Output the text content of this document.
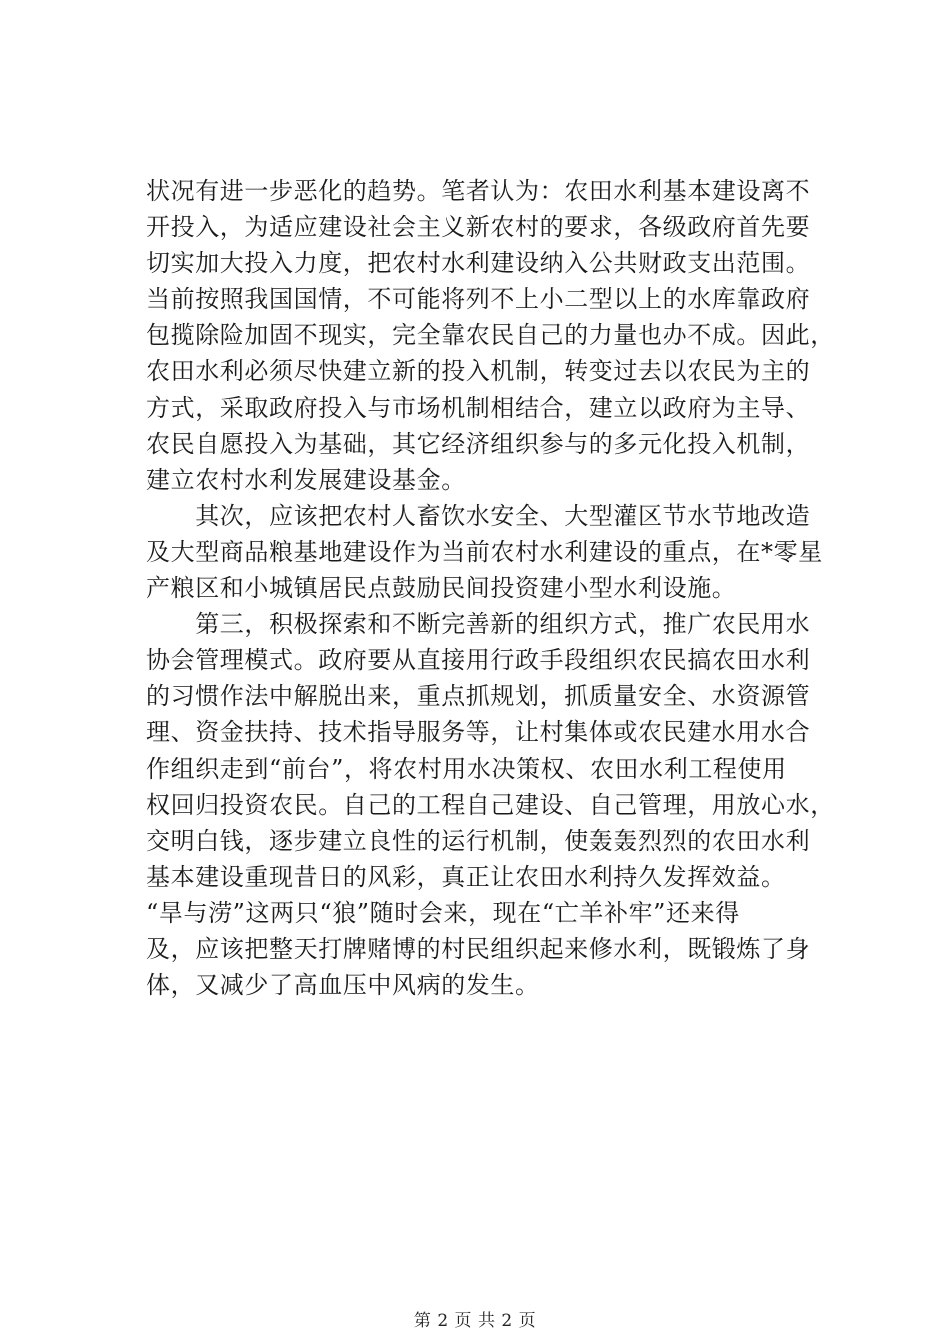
状况有进一步恶化的趋势。笔者认为：农田水利基本建设离不
开投入，为适应建设社会主义新农村的要求，各级政府首先要
切实加大投入力度，把农村水利建设纳入公共财政支出范围。
当前按照我国国情，不可能将列不上小二型以上的水库靠政府
包揽除险加固不现实，完全靠农民自己的力量也办不成。因此，
农田水利必须尽快建立新的投入机制，转变过去以农民为主的
方式，采取政府投入与市场机制相结合，建立以政府为主导、
农民自愿投入为基础，其它经济组织参与的多元化投入机制，
建立农村水利发展建设基金。
　　其次，应该把农村人畜饮水安全、大型灌区节水节地改造
及大型商品粮基地建设作为当前农村水利建设的重点，在*零星
产粮区和小城镇居民点鼓励民间投资建小型水利设施。
　　第三，积极探索和不断完善新的组织方式，推广农民用水
协会管理模式。政府要从直接用行政手段组织农民搞农田水利
的习惯作法中解脱出来，重点抓规划，抓质量安全、水资源管
理、资金扶持、技术指导服务等，让村集体或农民建水用水合
作组织走到“前台”，将农村用水决策权、农田水利工程使用
权回归投资农民。自己的工程自己建设、自己管理，用放心水，
交明白钱，逐步建立良性的运行机制，使轰轰烈烈的农田水利
基本建设重现昔日的风彩，真正让农田水利持久发挥效益。
“旱与涝”这两只“狼”随时会来，现在“亡羊补牢”还来得
及，应该把整天打牌赌博的村民组织起来修水利，既锻炼了身
体，又减少了高血压中风病的发生。
第 2 页 共 2 页
